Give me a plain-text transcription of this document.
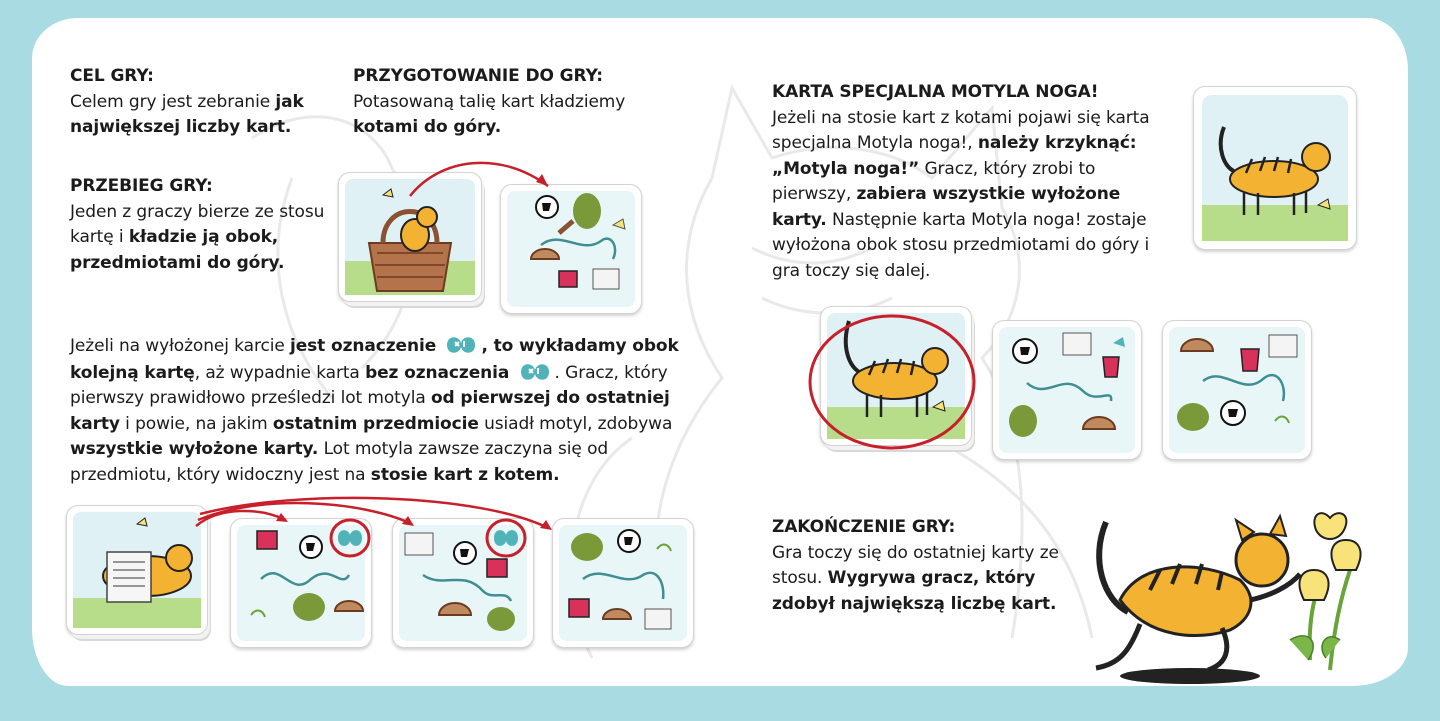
CEL GRY:
Celem gry jest zebranie jak największej liczby kart.
PRZYGOTOWANIE DO GRY:
Potasowaną talię kart kładziemy kotami do góry.
PRZEBIEG GRY:
Jeden z graczy bierze ze stosu kartę i kładzie ją obok, przedmiotami do góry.
Jeżeli na wyłożonej karcie jest oznaczenie	, to wykładamy obok kolejną kartę, aż wypadnie karta bez oznaczenia	. Gracz, który pierwszy prawidłowo prześledzi lot motyla od pierwszej do ostatniej karty i powie, na jakim ostatnim przedmiocie usiadł motyl, zdobywa wszystkie wyłożone karty. Lot motyla zawsze zaczyna się od przedmiotu, który widoczny jest na stosie kart z kotem.
KARTA SPECJALNA MOTYLA NOGA!
Jeżeli na stosie kart z kotami pojawi się karta specjalna Motyla noga!, należy krzyknąć: „Motyla noga!” Gracz, który zrobi to pierwszy, zabiera wszystkie wyłożone karty. Następnie karta Motyla noga! zostaje wyłożona obok stosu przedmiotami do góry i gra toczy się dalej.
ZAKOŃCZENIE GRY:
Gra toczy się do ostatniej karty ze stosu. Wygrywa gracz, który zdobył największą liczbę kart.
